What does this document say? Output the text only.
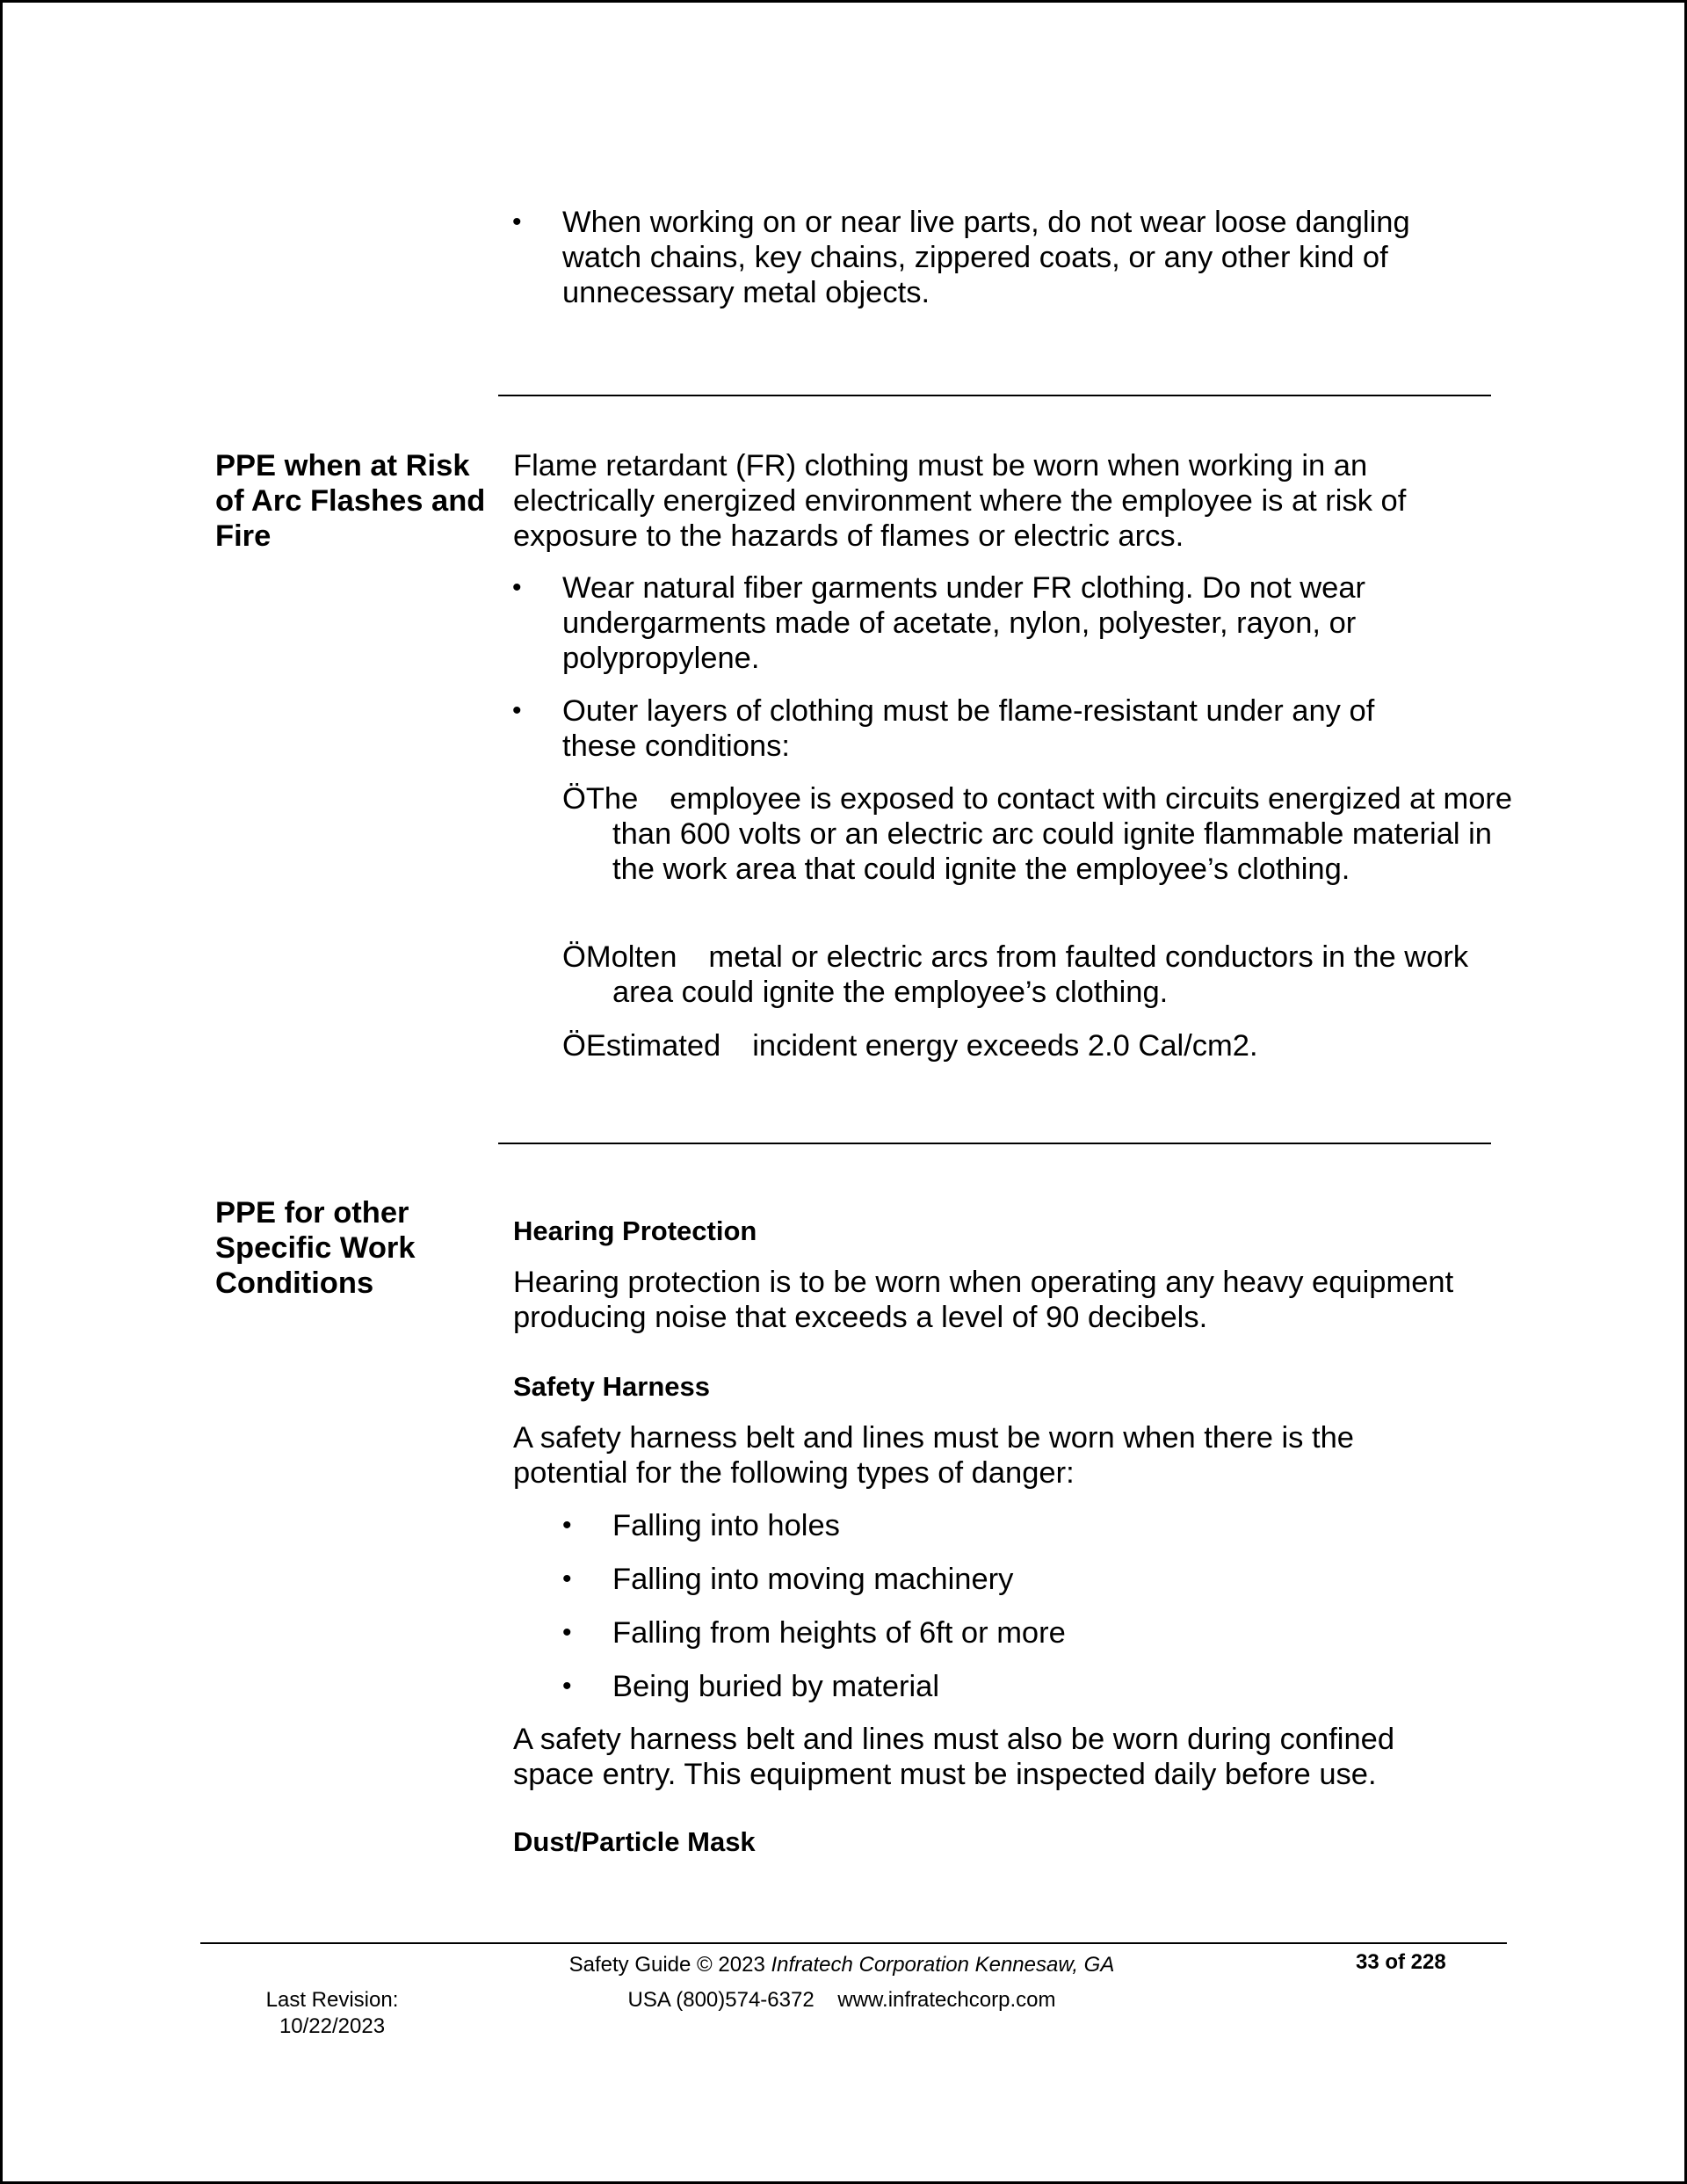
• When working on or near live parts, do not wear loose dangling watch chains, key chains, zippered coats, or any other kind of unnecessary metal objects.
PPE when at Risk of Arc Flashes and Fire
Flame retardant (FR) clothing must be worn when working in an electrically energized environment where the employee is at risk of exposure to the hazards of flames or electric arcs.
• Wear natural fiber garments under FR clothing. Do not wear undergarments made of acetate, nylon, polyester, rayon, or polypropylene.
• Outer layers of clothing must be flame-resistant under any of these conditions:
ÖThe employee is exposed to contact with circuits energized at more than 600 volts or an electric arc could ignite flammable material in the work area that could ignite the employee’s clothing.
ÖMolten metal or electric arcs from faulted conductors in the work area could ignite the employee’s clothing.
ÖEstimated incident energy exceeds 2.0 Cal/cm2.
PPE for other Specific Work Conditions
Hearing Protection
Hearing protection is to be worn when operating any heavy equipment producing noise that exceeds a level of 90 decibels.
Safety Harness
A safety harness belt and lines must be worn when there is the potential for the following types of danger:
• Falling into holes
• Falling into moving machinery
• Falling from heights of 6ft or more
• Being buried by material
A safety harness belt and lines must also be worn during confined space entry. This equipment must be inspected daily before use.
Dust/Particle Mask
Safety Guide © 2023 Infratech Corporation Kennesaw, GA	33 of 228
USA (800)574-6372 www.infratechcorp.com
Last Revision:
10/22/2023
